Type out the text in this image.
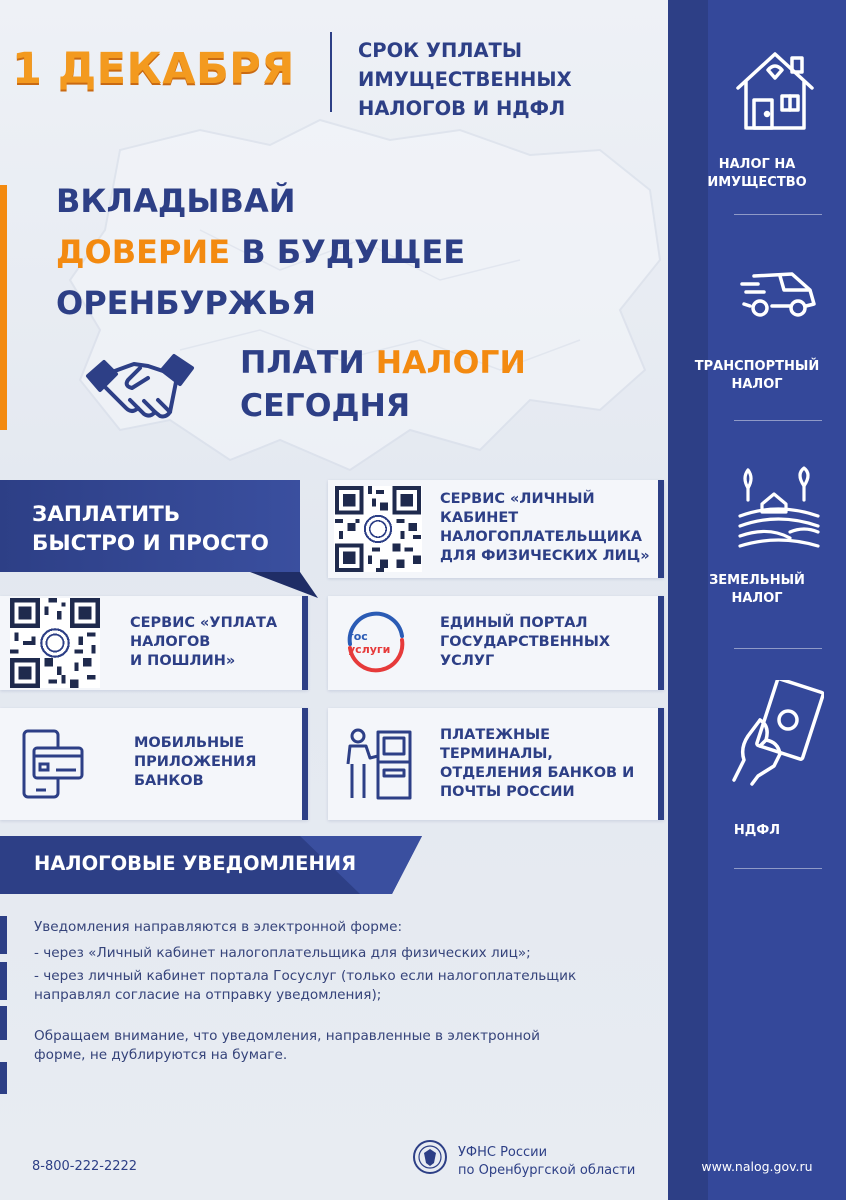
1 ДЕКАБРЯ	СРОК УПЛАТЫ
ИМУЩЕСТВЕННЫХ
НАЛОГОВ И НДФЛ
ВКЛАДЫВАЙ
ДОВЕРИЕ В БУДУЩЕЕ
ОРЕНБУРЖЬЯ
ПЛАТИ НАЛОГИ
СЕГОДНЯ
ЗАПЛАТИТЬ
БЫСТРО И ПРОСТО
СЕРВИС «ЛИЧНЫЙ
КАБИНЕТ
НАЛОГОПЛАТЕЛЬЩИКА
ДЛЯ ФИЗИЧЕСКИХ ЛИЦ»
СЕРВИС «УПЛАТА
НАЛОГОВ
И ПОШЛИН»
гос
услуги
ЕДИНЫЙ ПОРТАЛ
ГОСУДАРСТВЕННЫХ
УСЛУГ
МОБИЛЬНЫЕ
ПРИЛОЖЕНИЯ
БАНКОВ
ПЛАТЕЖНЫЕ
ТЕРМИНАЛЫ,
ОТДЕЛЕНИЯ БАНКОВ И
ПОЧТЫ РОССИИ
НАЛОГОВЫЕ УВЕДОМЛЕНИЯ

Уведомления направляются в электронной форме:

- через «Личный кабинет налогоплательщика для физических лиц»;

- через личный кабинет портала Госуслуг (только если налогоплательщик

направлял согласие на отправку уведомления);

Обращаем внимание, что уведомления, направленные в электронной

форме, не дублируются на бумаге.

8-800-222-2222
УФНС России
по Оренбургской области
НАЛОГ НА
ИМУЩЕСТВО
ТРАНСПОРТНЫЙ
НАЛОГ
ЗЕМЕЛЬНЫЙ
НАЛОГ
НДФЛ
www.nalog.gov.ru
